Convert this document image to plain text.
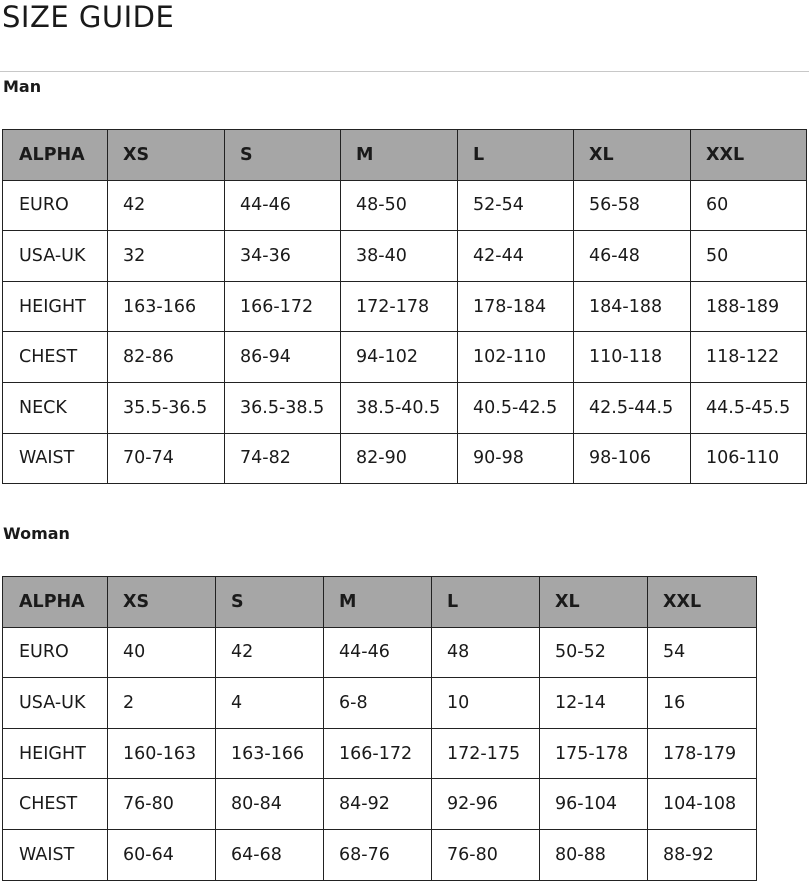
SIZE GUIDE
Man
ALPHA	XS	S	M	L	XL	XXL
EURO	42	44-46	48-50	52-54	56-58	60
USA-UK	32	34-36	38-40	42-44	46-48	50
HEIGHT	163-166	166-172	172-178	178-184	184-188	188-189
CHEST	82-86	86-94	94-102	102-110	110-118	118-122
NECK	35.5-36.5	36.5-38.5	38.5-40.5	40.5-42.5	42.5-44.5	44.5-45.5
WAIST	70-74	74-82	82-90	90-98	98-106	106-110
Woman
ALPHA	XS	S	M	L	XL	XXL
EURO	40	42	44-46	48	50-52	54
USA-UK	2	4	6-8	10	12-14	16
HEIGHT	160-163	163-166	166-172	172-175	175-178	178-179
CHEST	76-80	80-84	84-92	92-96	96-104	104-108
WAIST	60-64	64-68	68-76	76-80	80-88	88-92
